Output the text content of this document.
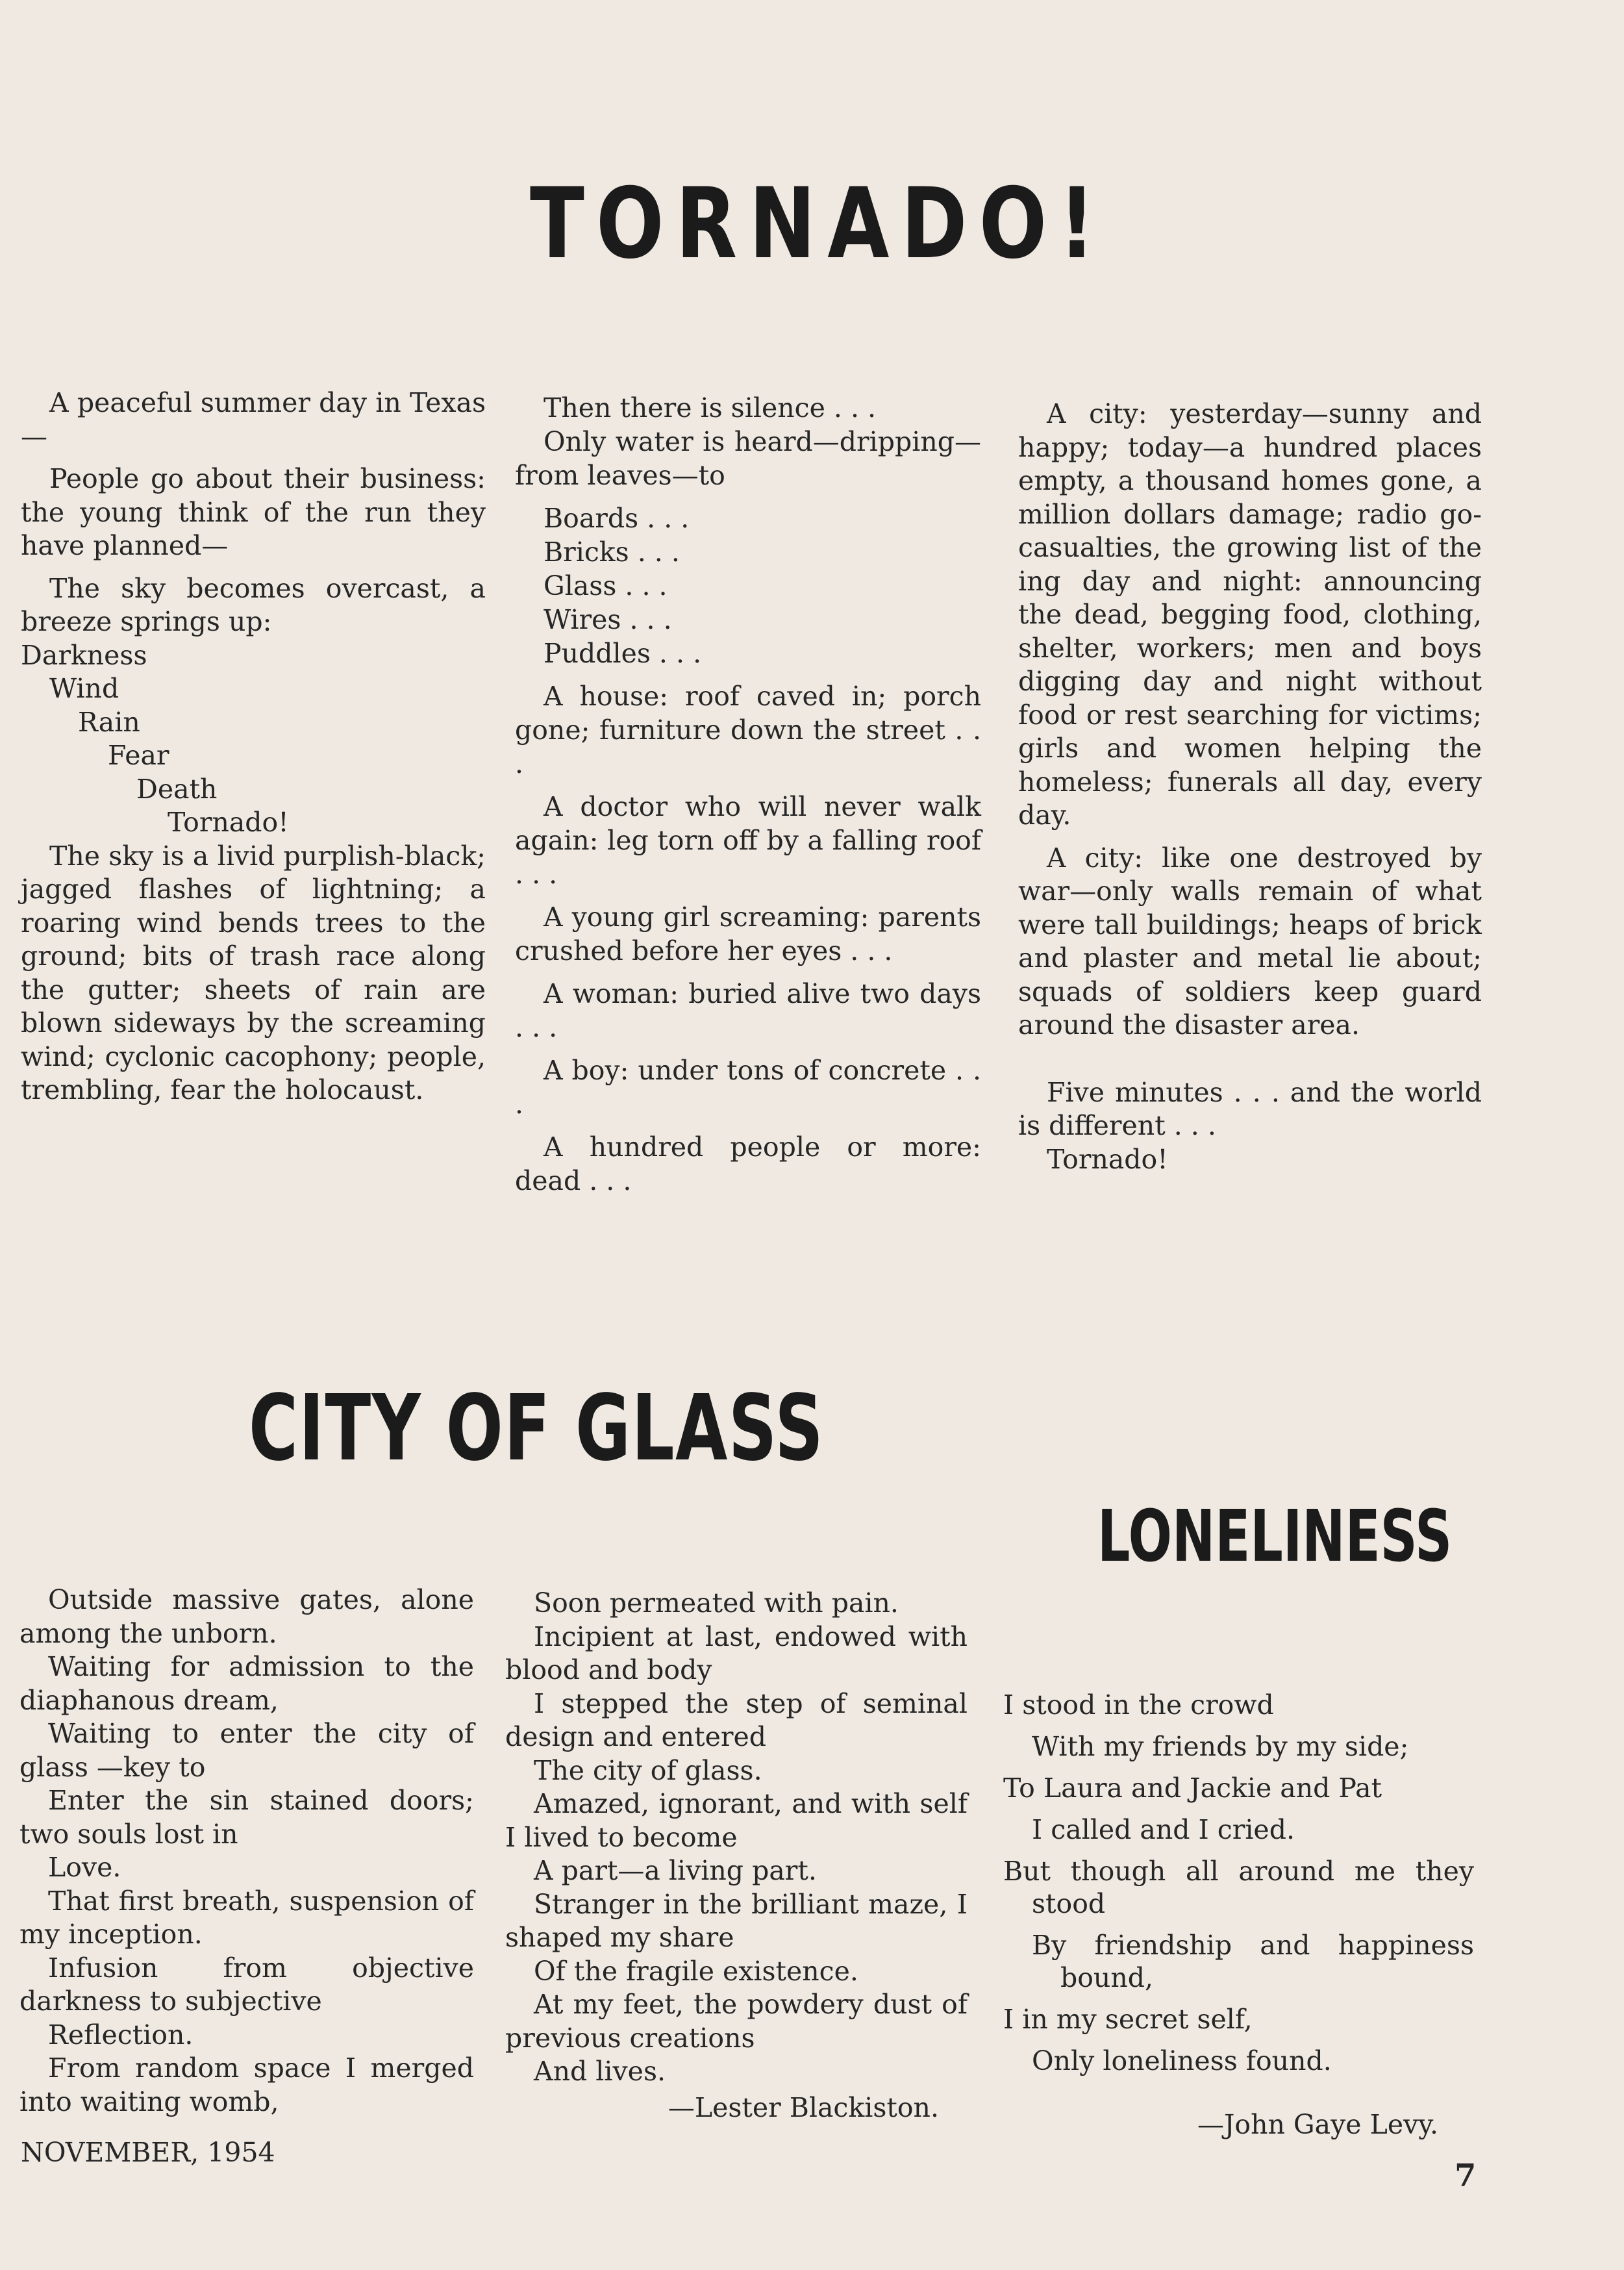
TORNADO!

A peaceful summer day in Texas—

People go about their business: the young think of the run they have planned—

The sky becomes overcast, a breeze springs up:

Darkness

Wind

Rain

Fear

Death

Tornado!

The sky is a livid purplish-black; jagged flashes of lightning; a roaring wind bends trees to the ground; bits of trash race along the gutter; sheets of rain are blown sideways by the screaming wind; cyclonic cacophony; people, trembling, fear the holocaust.

Then there is silence . . .

Only water is heard—dripping— from leaves—to

Boards . . .

Bricks . . .

Glass . . .

Wires . . .

Puddles . . .

A house: roof caved in; porch gone; furniture down the street . . .

A doctor who will never walk again: leg torn off by a falling roof . . .

A young girl screaming: parents crushed before her eyes . . .

A woman: buried alive two days . . .

A boy: under tons of concrete . . .

A hundred people or more: dead . . .

A city: yesterday—sunny and happy; today—a hundred places empty, a thousand homes gone, a million dollars damage; radio go-casualties, the growing list of the ing day and night: announcing the dead, begging food, clothing, shelter, workers; men and boys digging day and night without food or rest searching for victims; girls and women helping the homeless; funerals all day, every day.

A city: like one destroyed by war—only walls remain of what were tall buildings; heaps of brick and plaster and metal lie about; squads of soldiers keep guard around the disaster area.

Five minutes . . . and the world is different . . .

Tornado!

CITY OF GLASS

Outside massive gates, alone among the unborn.

Waiting for admission to the diaphanous dream,

Waiting to enter the city of glass —key to

Enter the sin stained doors; two souls lost in

Love.

That first breath, suspension of my inception.

Infusion from objective darkness to subjective

Reflection.

From random space I merged into waiting womb,

Soon permeated with pain.

Incipient at last, endowed with blood and body

I stepped the step of seminal design and entered

The city of glass.

Amazed, ignorant, and with self I lived to become

A part—a living part.

Stranger in the brilliant maze, I shaped my share

Of the fragile existence.

At my feet, the powdery dust of previous creations

And lives.

—Lester Blackiston.

LONELINESS

I stood in the crowd

With my friends by my side;

To Laura and Jackie and Pat

I called and I cried.

But though all around me they stood

By friendship and happiness bound,

I in my secret self,

Only loneliness found.

—John Gaye Levy.

NOVEMBER, 1954

7
